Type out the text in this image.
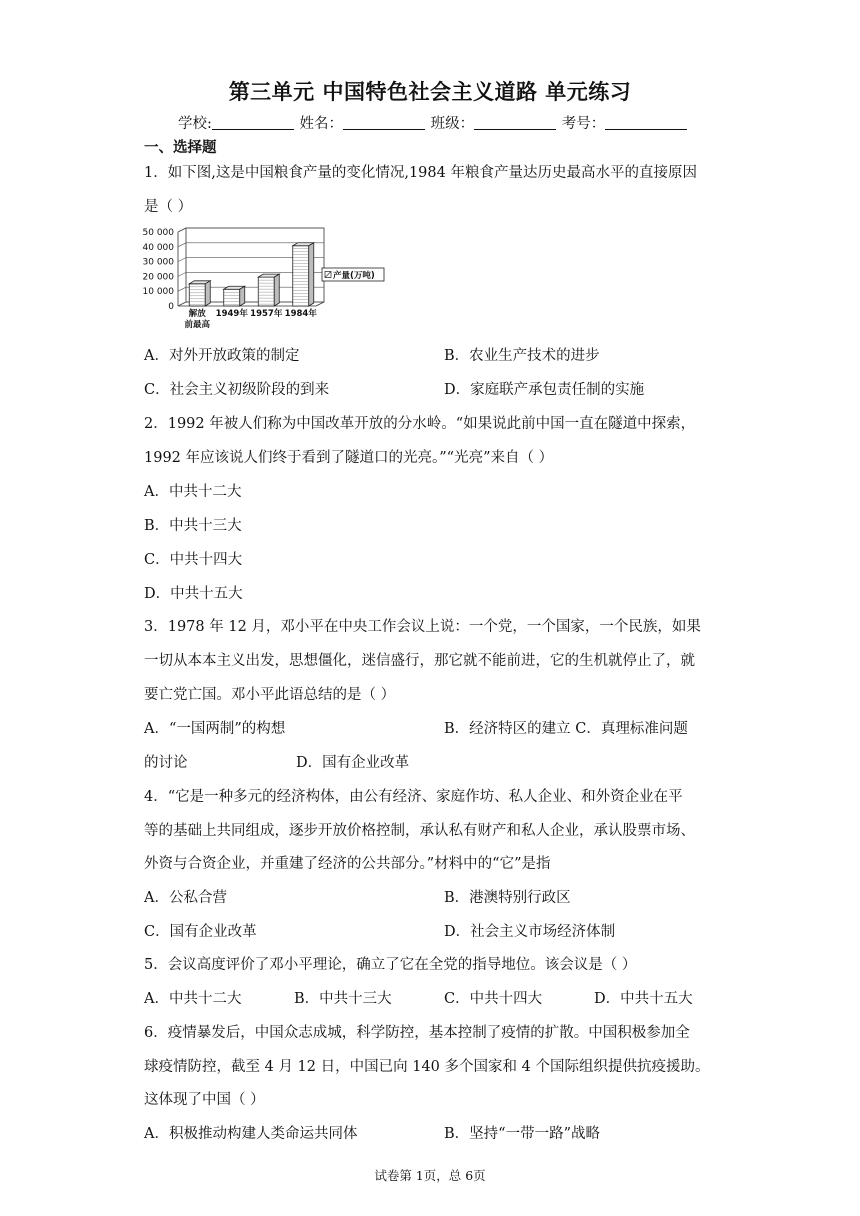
第三单元 中国特色社会主义道路 单元练习
学校:	姓名：	班级：	考号：
一、选择题
1．如下图,这是中国粮食产量的变化情况,1984 年粮食产量达历史最高水平的直接原因
是（ ）
50 000
40 000
30 000
20 000
10 000
0
解放
前最高
1949年 1957年 1984年
产量(万吨)
A．对外开放政策的制定	B．农业生产技术的进步
C．社会主义初级阶段的到来	D．家庭联产承包责任制的实施
2．1992 年被人们称为中国改革开放的分水岭。“如果说此前中国一直在隧道中探索，
1992 年应该说人们终于看到了隧道口的光亮。”“光亮”来自（ ）
A．中共十二大
B．中共十三大
C．中共十四大
D．中共十五大
3．1978 年 12 月，邓小平在中央工作会议上说：一个党，一个国家，一个民族，如果
一切从本本主义出发，思想僵化，迷信盛行，那它就不能前进，它的生机就停止了，就
要亡党亡国。邓小平此语总结的是（ ）
A．“一国两制”的构想	B．经济特区的建立 C．真理标准问题
的讨论	D．国有企业改革
4．“它是一种多元的经济构体，由公有经济、家庭作坊、私人企业、和外资企业在平
等的基础上共同组成，逐步开放价格控制，承认私有财产和私人企业，承认股票市场、
外资与合资企业，并重建了经济的公共部分。”材料中的“它”是指
A．公私合营	B．港澳特别行政区
C．国有企业改革	D．社会主义市场经济体制
5．会议高度评价了邓小平理论，确立了它在全党的指导地位。该会议是（ ）
A．中共十二大	B．中共十三大	C．中共十四大	D．中共十五大
6．疫情暴发后，中国众志成城，科学防控，基本控制了疫情的扩散。中国积极参加全
球疫情防控，截至 4 月 12 日，中国已向 140 多个国家和 4 个国际组织提供抗疫援助。
这体现了中国（ ）
A．积极推动构建人类命运共同体	B．坚持“一带一路”战略
试卷第 1页，总 6页
